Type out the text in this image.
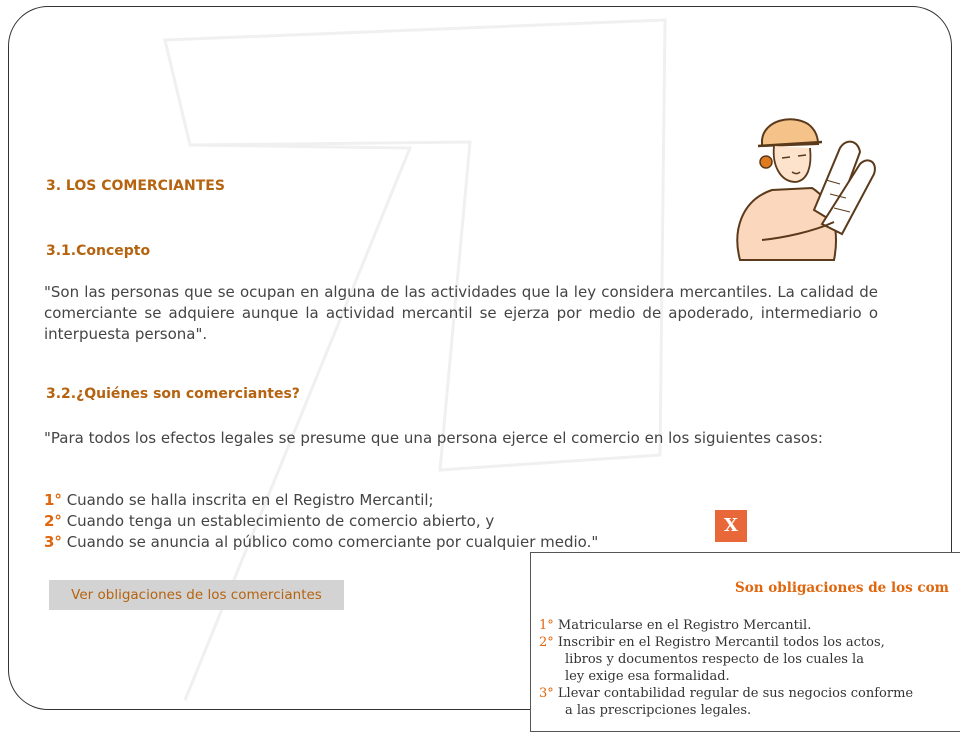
3. LOS COMERCIANTES
3.1.Concepto
"Son las personas que se ocupan en alguna de las actividades que la ley considera mercantiles. La calidad de comerciante se adquiere aunque la actividad mercantil se ejerza por medio de apoderado, intermediario o interpuesta persona".
3.2.¿Quiénes son comerciantes?
"Para todos los efectos legales se presume que una persona ejerce el comercio en los siguientes casos:
1° Cuando se halla inscrita en el Registro Mercantil;
2° Cuando tenga un establecimiento de comercio abierto, y
3° Cuando se anuncia al público como comerciante por cualquier medio."
Ver obligaciones de los comerciantes
X
Son obligaciones de los com
1° Matricularse en el Registro Mercantil.
2° Inscribir en el Registro Mercantil todos los actos,
libros y documentos respecto de los cuales la
ley exige esa formalidad.
3° Llevar contabilidad regular de sus negocios conforme
a las prescripciones legales.
